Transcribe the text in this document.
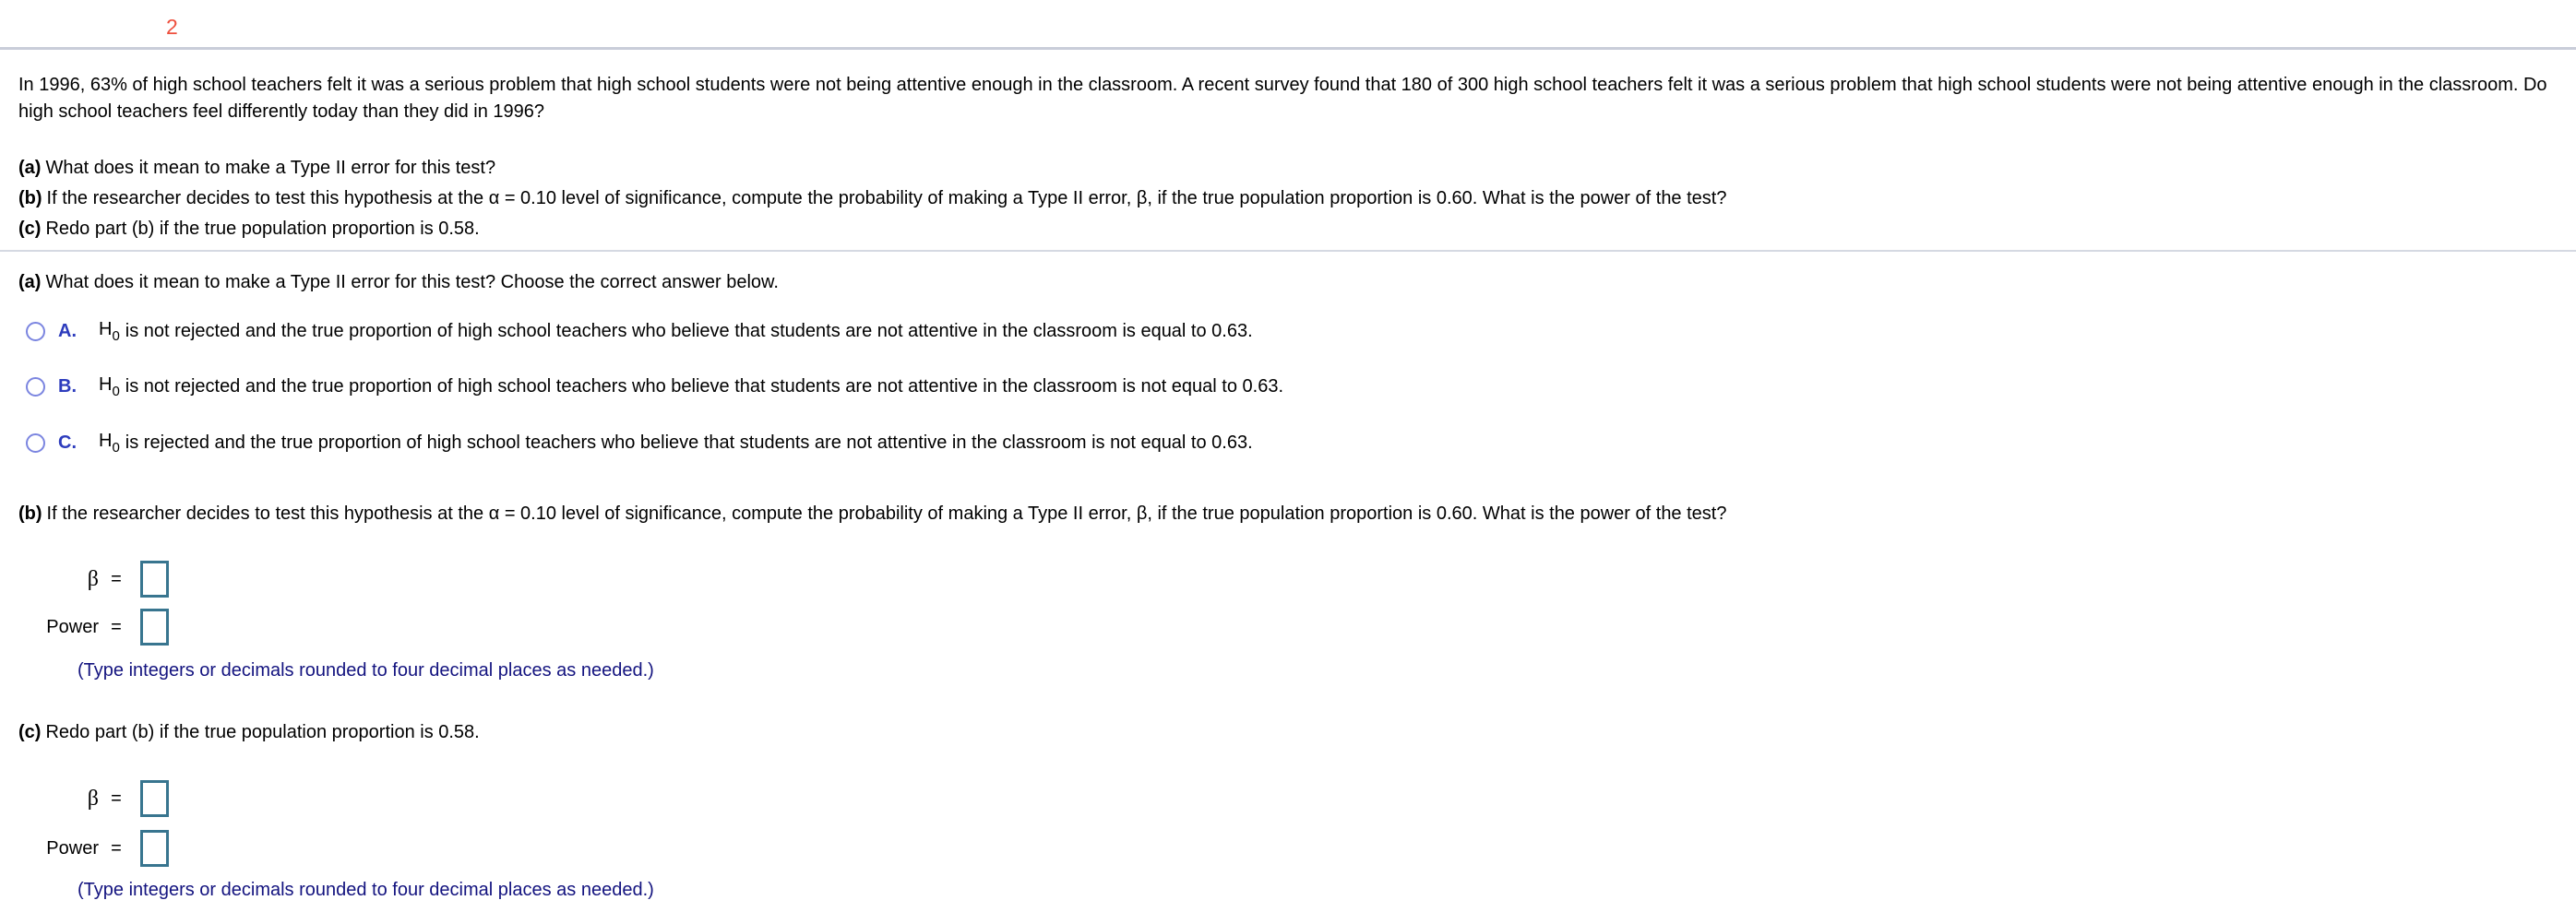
2
In 1996, 63% of high school teachers felt it was a serious problem that high school students were not being attentive enough in the classroom. A recent survey found that 180 of 300 high school teachers felt it was a serious problem that high school students were not being attentive enough in the classroom. Do high school teachers feel differently today than they did in 1996?
(a) What does it mean to make a Type II error for this test?
(b) If the researcher decides to test this hypothesis at the α = 0.10 level of significance, compute the probability of making a Type II error, β, if the true population proportion is 0.60. What is the power of the test?
(c) Redo part (b) if the true population proportion is 0.58.
(a) What does it mean to make a Type II error for this test? Choose the correct answer below.
A.	$H_0$ is not rejected and the true proportion of high school teachers who believe that students are not attentive in the classroom is equal to 0.63.
B.	$H_0$ is not rejected and the true proportion of high school teachers who believe that students are not attentive in the classroom is not equal to 0.63.
C.	$H_0$ is rejected and the true proportion of high school teachers who believe that students are not attentive in the classroom is not equal to 0.63.
(b) If the researcher decides to test this hypothesis at the α = 0.10 level of significance, compute the probability of making a Type II error, β, if the true population proportion is 0.60. What is the power of the test?
β =
Power =
(Type integers or decimals rounded to four decimal places as needed.)
(c) Redo part (b) if the true population proportion is 0.58.
β =
Power =
(Type integers or decimals rounded to four decimal places as needed.)
